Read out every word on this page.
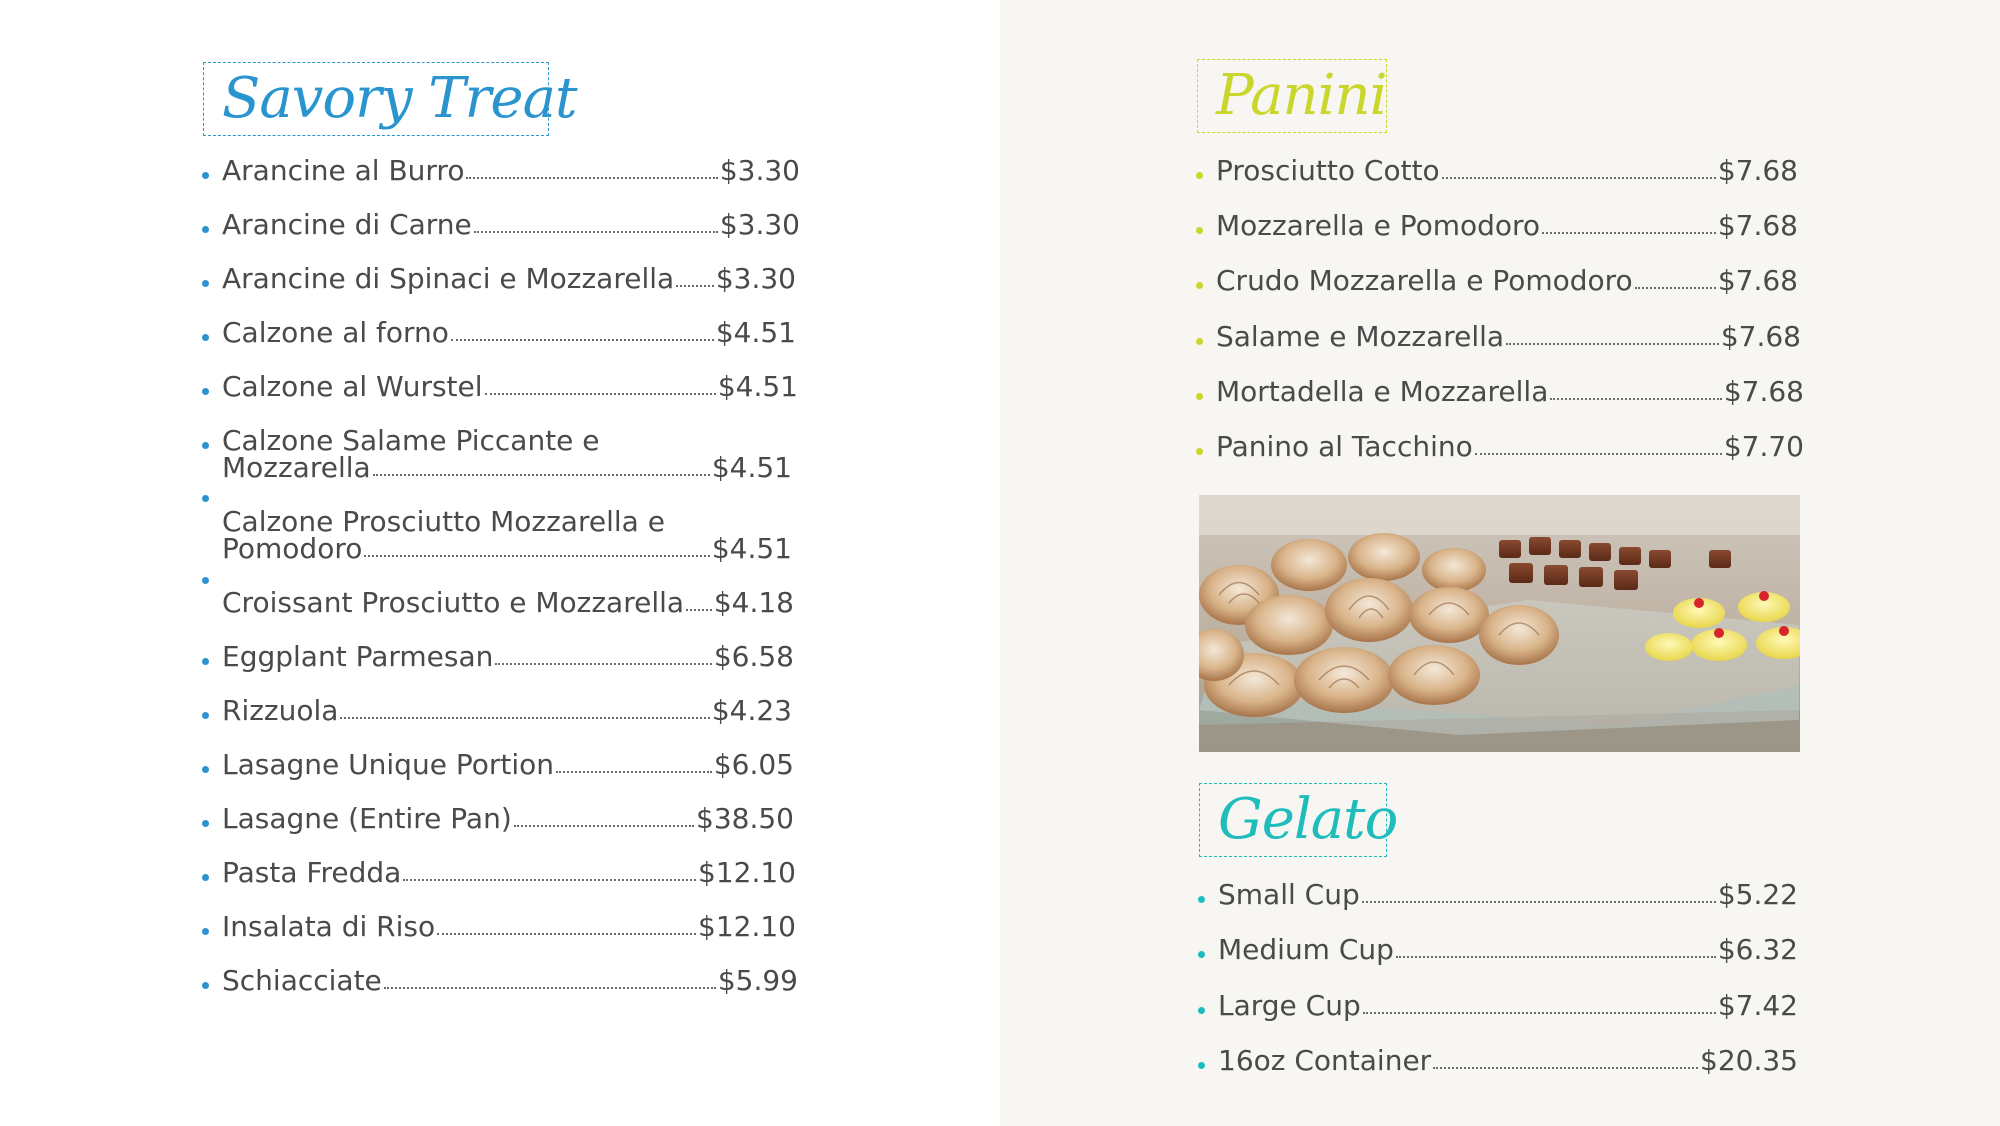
Savory Treat
Arancine al Burro	$3.30
Arancine di Carne	$3.30
Arancine di Spinaci e Mozzarella $3.30
Calzone al forno	$4.51
Calzone al Wurstel	$4.51
Calzone Salame Piccante e
Mozzarella	$4.51
Calzone Prosciutto Mozzarella e
Pomodoro	$4.51
Croissant Prosciutto e Mozzarella $4.18
Eggplant Parmesan	$6.58
Rizzuola	$4.23
Lasagne Unique Portion	$6.05
Lasagne (Entire Pan)	$38.50
Pasta Fredda	$12.10
Insalata di Riso	$12.10
Schiacciate	$5.99
Panini
Prosciutto Cotto	$7.68
Mozzarella e Pomodoro	$7.68
Crudo Mozzarella e Pomodoro	$7.68
Salame e Mozzarella	$7.68
Mortadella e Mozzarella	$7.68
Panino al Tacchino	$7.70
Gelato
Small Cup	$5.22
Medium Cup	$6.32
Large Cup	$7.42
16oz Container	$20.35
